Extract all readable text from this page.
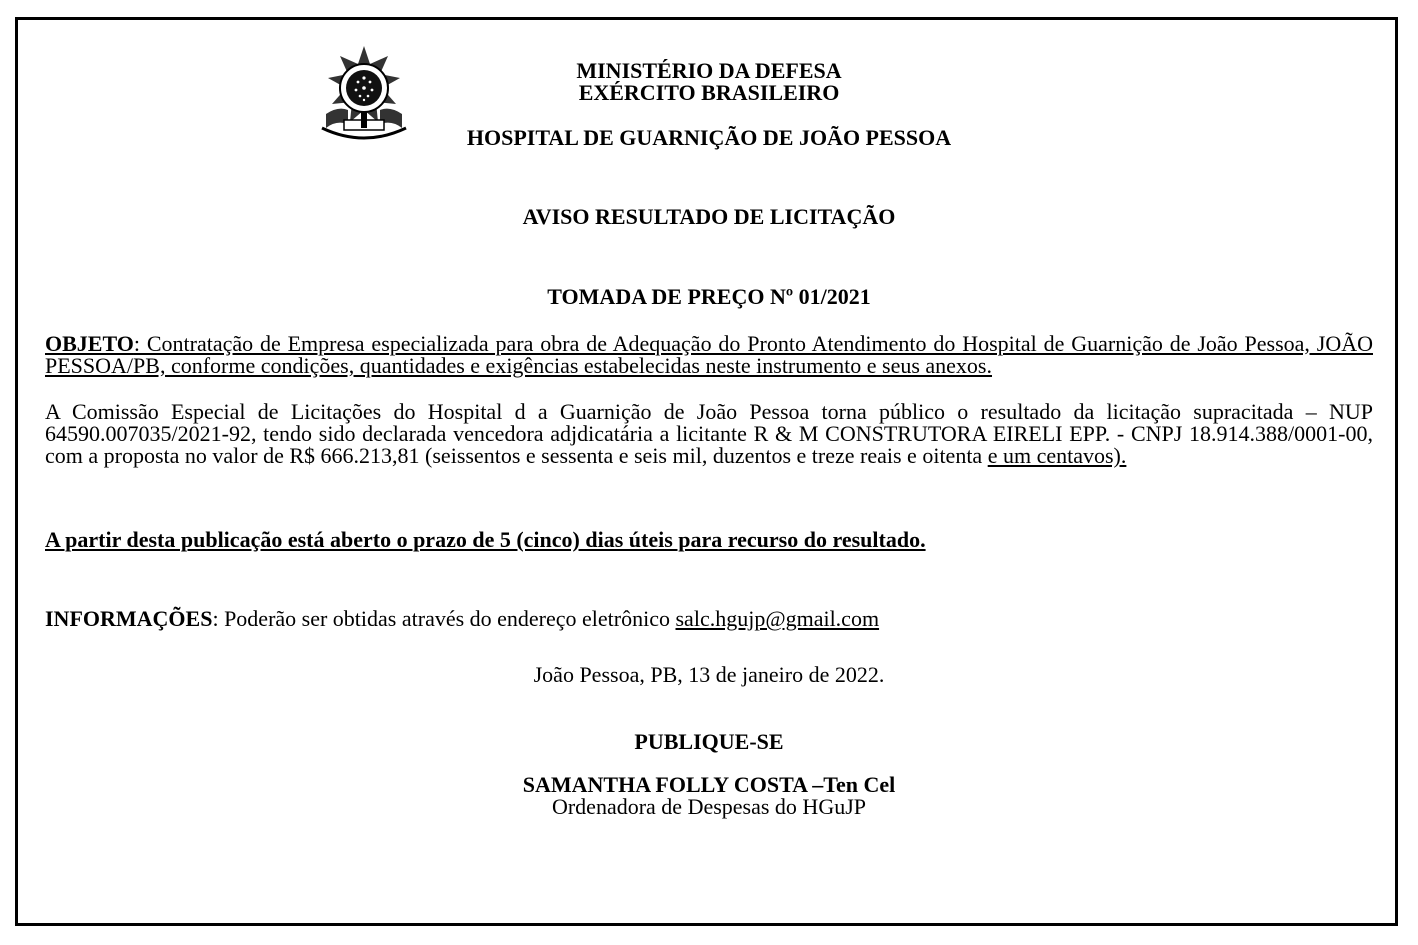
MINISTÉRIO DA DEFESA
EXÉRCITO BRASILEIRO
HOSPITAL DE GUARNIÇÃO DE JOÃO PESSOA
AVISO RESULTADO DE LICITAÇÃO
TOMADA DE PREÇO Nº 01/2021
OBJETO: Contratação de Empresa especializada para obra de Adequação do Pronto Atendimento do Hospital de Guarnição de João Pessoa, JOÃO PESSOA/PB, conforme condições, quantidades e exigências estabelecidas neste instrumento e seus anexos.
A Comissão Especial de Licitações do Hospital d a Guarnição de João Pessoa torna público o resultado da licitação supracitada – NUP 64590.007035/2021-92, tendo sido declarada vencedora adjdicatária a licitante R & M CONSTRUTORA EIRELI EPP. - CNPJ 18.914.388/0001-00, com a proposta no valor de R$ 666.213,81 (seissentos e sessenta e seis mil, duzentos e treze reais e oitenta e um centavos).
A partir desta publicação está aberto o prazo de 5 (cinco) dias úteis para recurso do resultado.
INFORMAÇÕES: Poderão ser obtidas através do endereço eletrônico salc.hgujp@gmail.com
João Pessoa, PB, 13 de janeiro de 2022.
PUBLIQUE-SE
SAMANTHA FOLLY COSTA –Ten Cel
Ordenadora de Despesas do HGuJP
